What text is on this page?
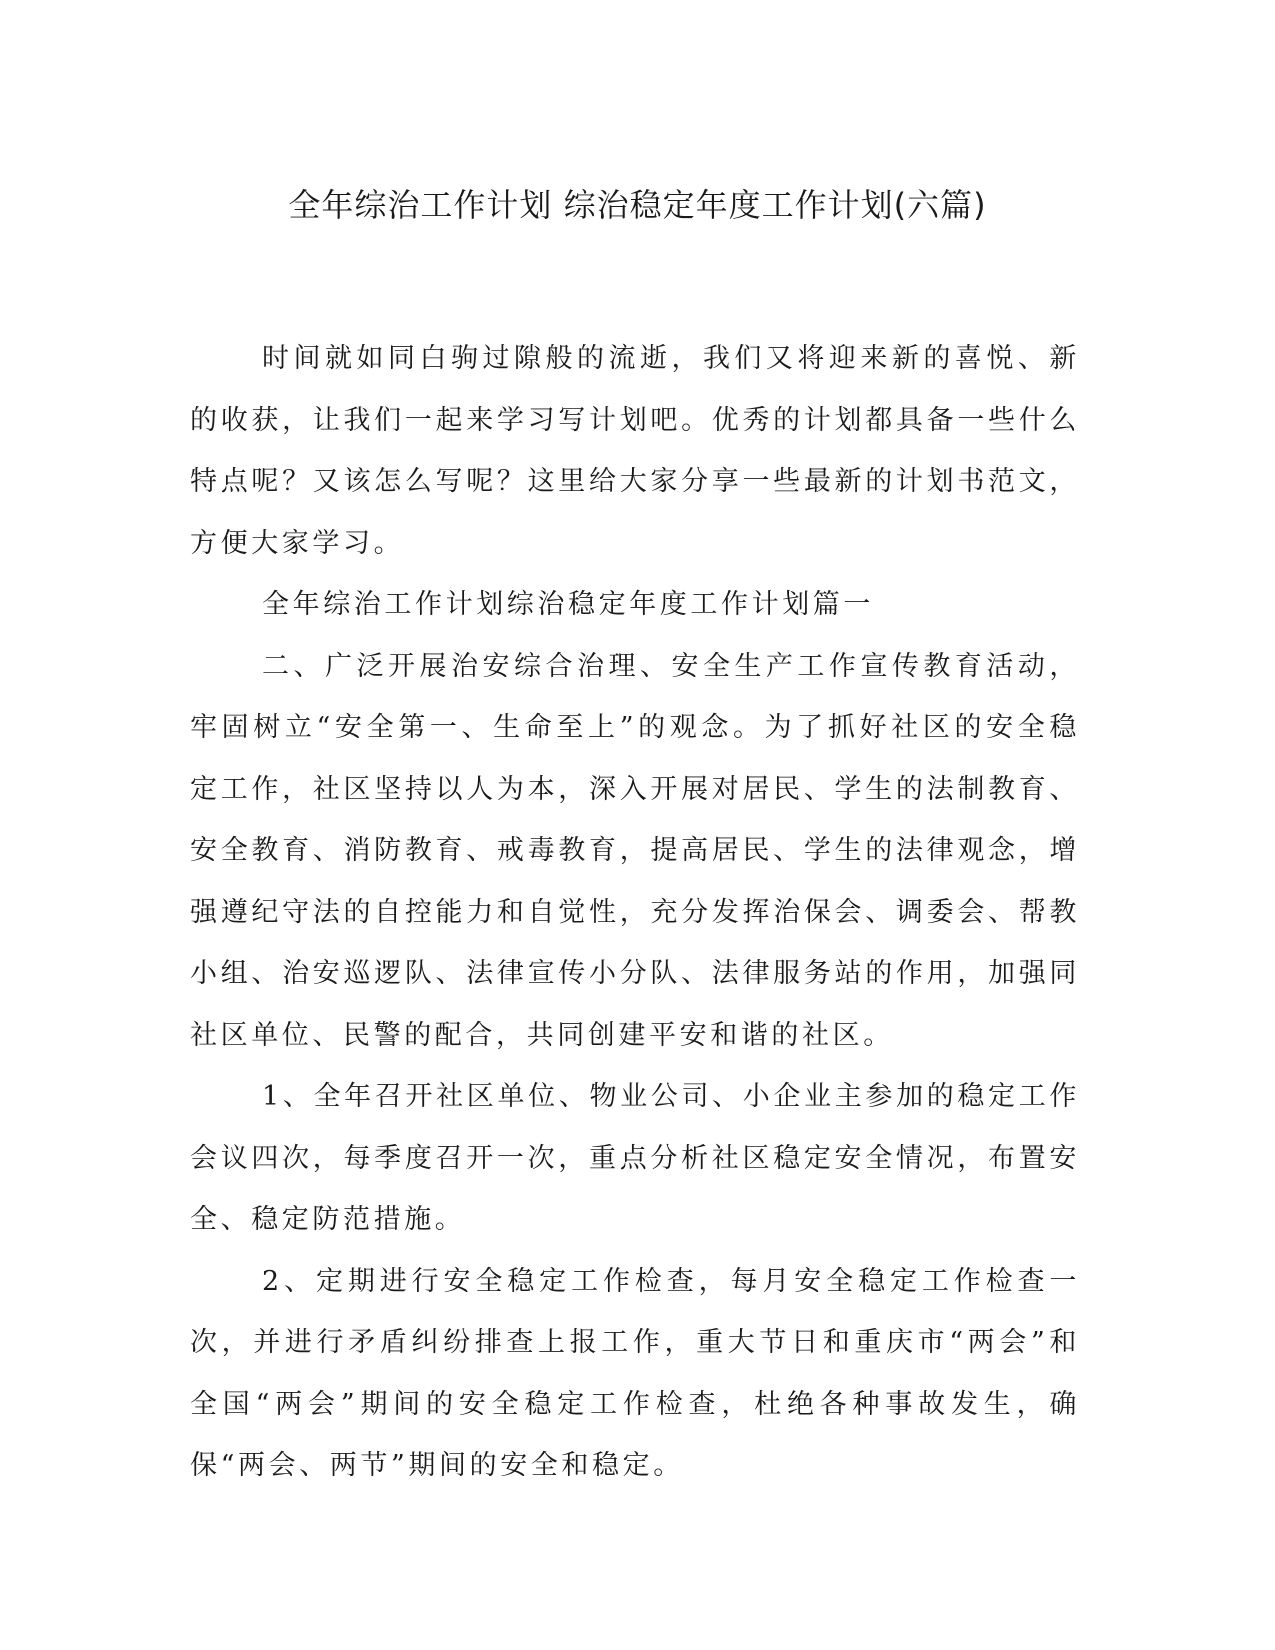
全年综治工作计划 综治稳定年度工作计划(六篇)

时间就如同白驹过隙般的流逝，我们又将迎来新的喜悦、新的收获，让我们一起来学习写计划吧。优秀的计划都具备一些什么特点呢？又该怎么写呢？这里给大家分享一些最新的计划书范文，方便大家学习。

全年综治工作计划综治稳定年度工作计划篇一

二、广泛开展治安综合治理、安全生产工作宣传教育活动，牢固树立“安全第一、生命至上”的观念。为了抓好社区的安全稳定工作，社区坚持以人为本，深入开展对居民、学生的法制教育、安全教育、消防教育、戒毒教育，提高居民、学生的法律观念，增强遵纪守法的自控能力和自觉性，充分发挥治保会、调委会、帮教小组、治安巡逻队、法律宣传小分队、法律服务站的作用，加强同社区单位、民警的配合，共同创建平安和谐的社区。

1、全年召开社区单位、物业公司、小企业主参加的稳定工作会议四次，每季度召开一次，重点分析社区稳定安全情况，布置安全、稳定防范措施。

2、定期进行安全稳定工作检查，每月安全稳定工作检查一次，并进行矛盾纠纷排查上报工作，重大节日和重庆市“两会”和全国“两会”期间的安全稳定工作检查，杜绝各种事故发生，确保“两会、两节”期间的安全和稳定。
